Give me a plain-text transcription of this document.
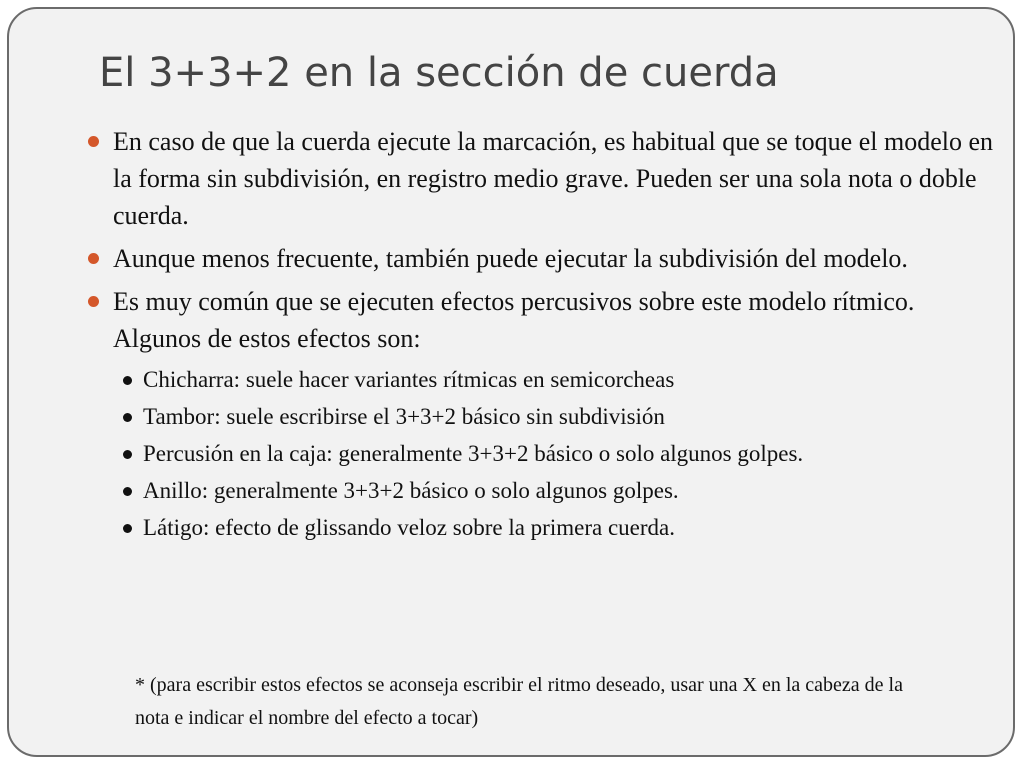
El 3+3+2 en la sección de cuerda
En caso de que la cuerda ejecute la marcación, es habitual que se toque el modelo en la forma sin subdivisión, en registro medio grave. Pueden ser una sola nota o doble cuerda.
Aunque menos frecuente, también puede ejecutar la subdivisión del modelo.
Es muy común que se ejecuten efectos percusivos sobre este modelo rítmico. Algunos de estos efectos son:
Chicharra: suele hacer variantes rítmicas en semicorcheas
Tambor: suele escribirse el 3+3+2 básico sin subdivisión
Percusión en la caja: generalmente 3+3+2 básico o solo algunos golpes.
Anillo: generalmente 3+3+2 básico o solo algunos golpes.
Látigo: efecto de glissando veloz sobre la primera cuerda.

* (para escribir estos efectos se aconseja escribir el ritmo deseado, usar una X en la cabeza de la nota e indicar el nombre del efecto a tocar)
